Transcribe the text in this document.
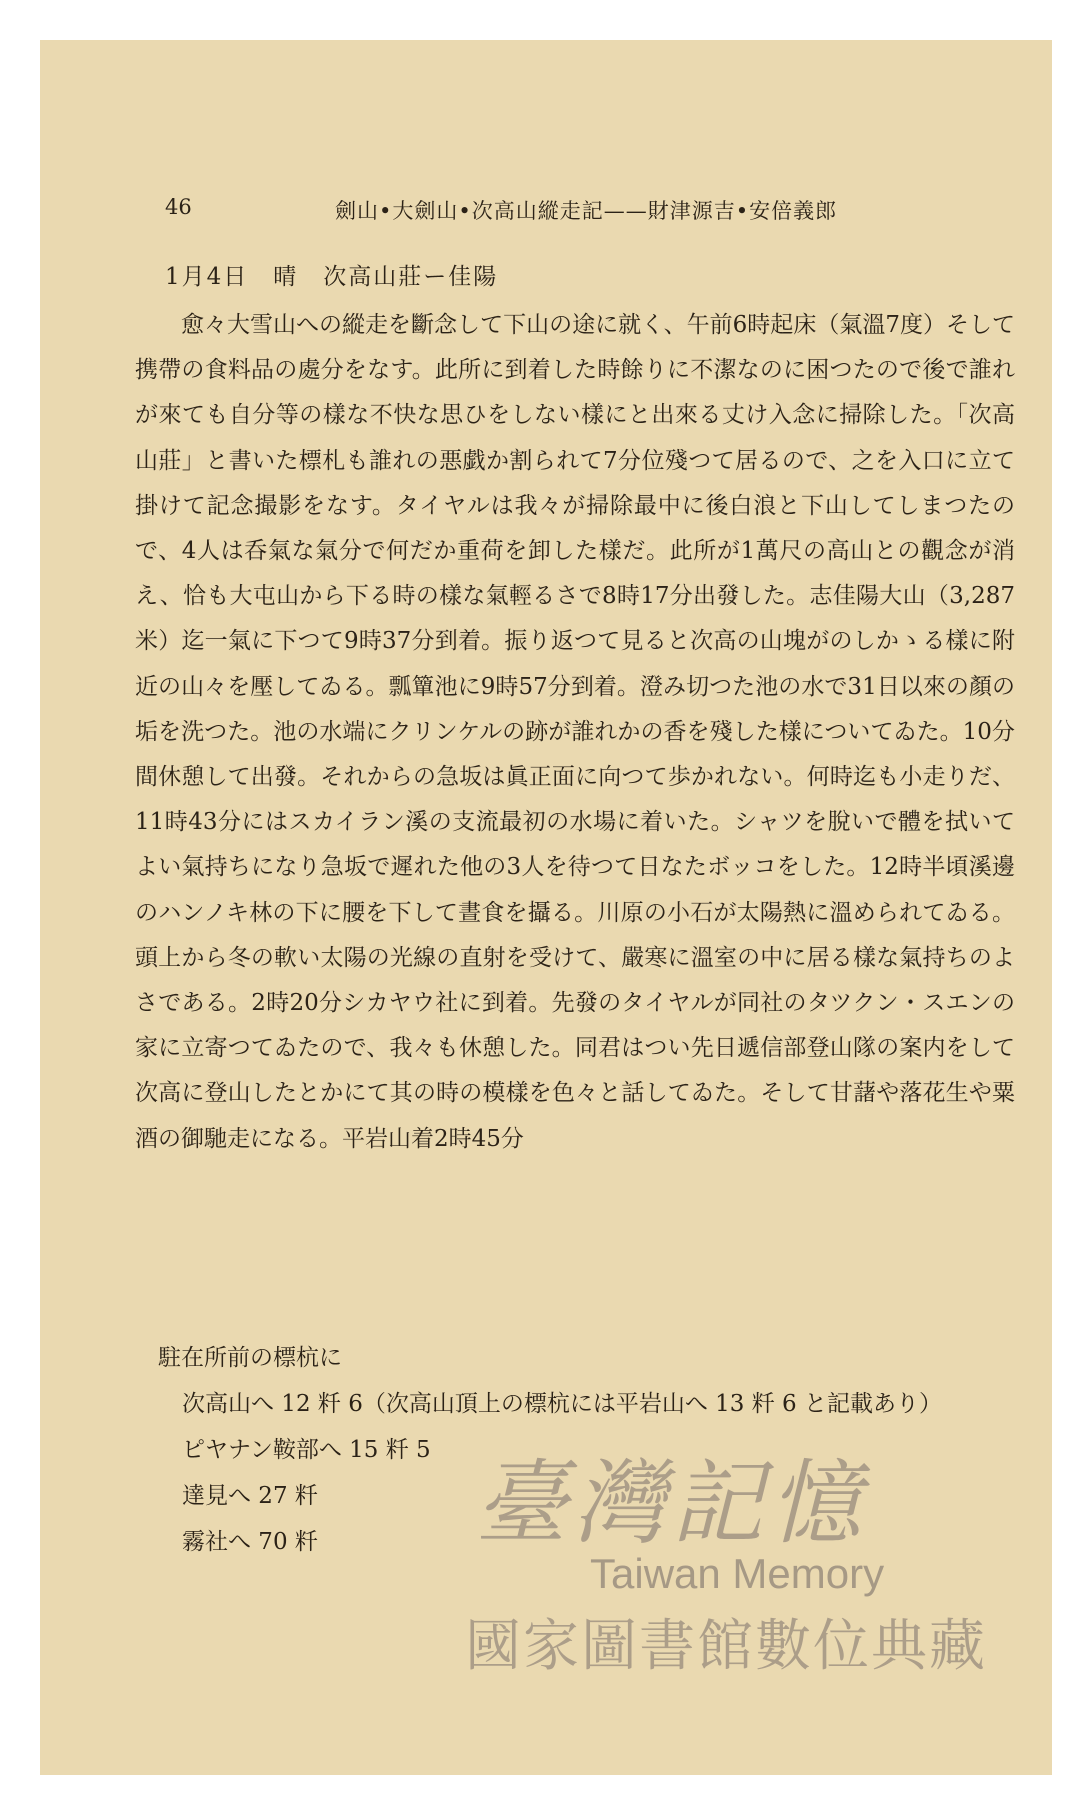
46	劍山•大劍山•次高山縱走記——財津源吉•安倍義郎
1月4日　晴　次高山莊ー佳陽

愈々大雪山への縱走を斷念して下山の途に就く、午前6時起床（氣溫7度）そして携帶の食料品の處分をなす。此所に到着した時餘りに不潔なのに困つたので後で誰れが來ても自分等の樣な不快な思ひをしない樣にと出來る丈け入念に掃除した。「次高山莊」と書いた標札も誰れの悪戯か割られて7分位殘つて居るので、之を入口に立て掛けて記念撮影をなす。タイヤルは我々が掃除最中に後白浪と下山してしまつたので、4人は呑氣な氣分で何だか重荷を卸した樣だ。此所が1萬尺の高山との觀念が消え、恰も大屯山から下る時の樣な氣輕るさで8時17分出發した。志佳陽大山（3,287米）迄一氣に下つて9時37分到着。振り返つて見ると次高の山塊がのしかゝる樣に附近の山々を壓してゐる。瓢簞池に9時57分到着。澄み切つた池の水で31日以來の顏の垢を洗つた。池の水端にクリンケルの跡が誰れかの香を殘した樣についてゐた。10分間休憩して出發。それからの急坂は眞正面に向つて歩かれない。何時迄も小走りだ、11時43分にはスカイラン溪の支流最初の水場に着いた。シャツを脫いで體を拭いてよい氣持ちになり急坂で遲れた他の3人を待つて日なたボッコをした。12時半頃溪邊のハンノキ林の下に腰を下して晝食を攝る。川原の小石が太陽熱に溫められてゐる。頭上から冬の軟い太陽の光線の直射を受けて、嚴寒に溫室の中に居る樣な氣持ちのよさである。2時20分シカヤウ社に到着。先發のタイヤルが同社のタツクン・スエンの家に立寄つてゐたので、我々も休憩した。同君はつい先日遞信部登山隊の案内をして次高に登山したとかにて其の時の模樣を色々と話してゐた。そして甘藷や落花生や粟酒の御馳走になる。平岩山着2時45分

駐在所前の標杭に
次高山へ 12 粁 6（次高山頂上の標杭には平岩山へ 13 粁 6 と記載あり）
ピヤナン鞍部へ 15 粁 5
達見へ 27 粁
霧社へ 70 粁	臺灣記憶
Taiwan Memory
國家圖書館數位典藏
